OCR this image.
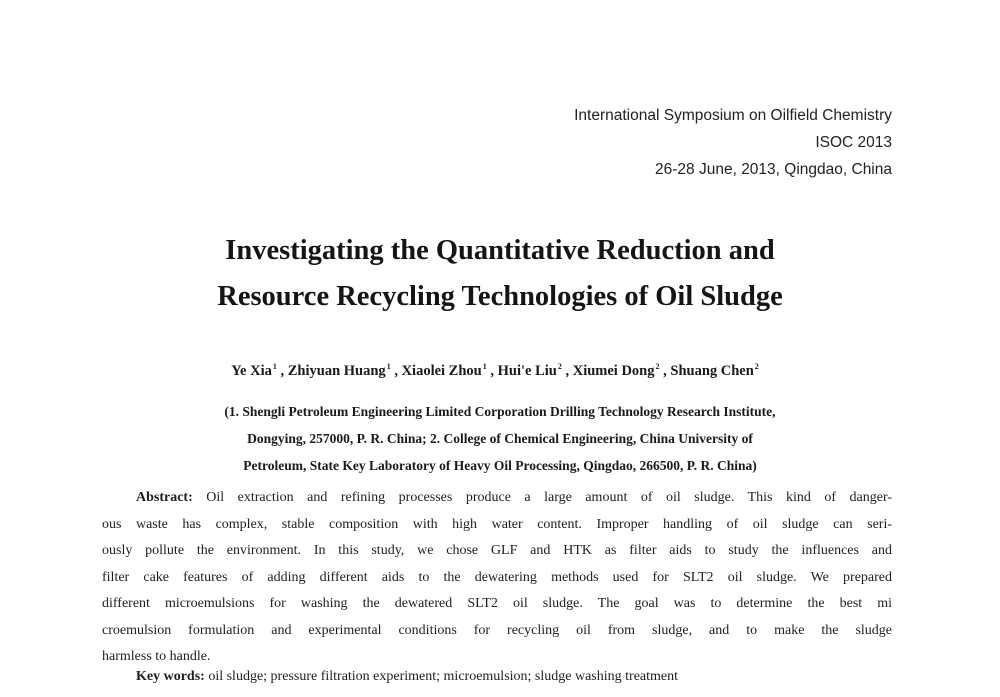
International Symposium on Oilfield Chemistry
ISOC 2013
26-28 June, 2013, Qingdao, China
Investigating the Quantitative Reduction and
Resource Recycling Technologies of Oil Sludge
Ye Xia$^1$ , Zhiyuan Huang$^1$ , Xiaolei Zhou$^1$ , Hui'e Liu$^2$ , Xiumei Dong$^2$ , Shuang Chen$^2$
(1. Shengli Petroleum Engineering Limited Corporation Drilling Technology Research Institute,
Dongying, 257000, P. R. China; 2. College of Chemical Engineering, China University of
Petroleum, State Key Laboratory of Heavy Oil Processing, Qingdao, 266500, P. R. China)
Abstract: Oil extraction and refining processes produce a large amount of oil sludge. This kind of danger-
ous waste has complex, stable composition with high water content. Improper handling of oil sludge can seri-
ously pollute the environment. In this study, we chose GLF and HTK as filter aids to study the influences and
filter cake features of adding different aids to the dewatering methods used for SLT2 oil sludge. We prepared
different microemulsions for washing the dewatered SLT2 oil sludge. The goal was to determine the best mi
croemulsion formulation and experimental conditions for recycling oil from sludge, and to make the sludge
harmless to handle.
Key words: oil sludge; pressure filtration experiment; microemulsion; sludge washing treatment
